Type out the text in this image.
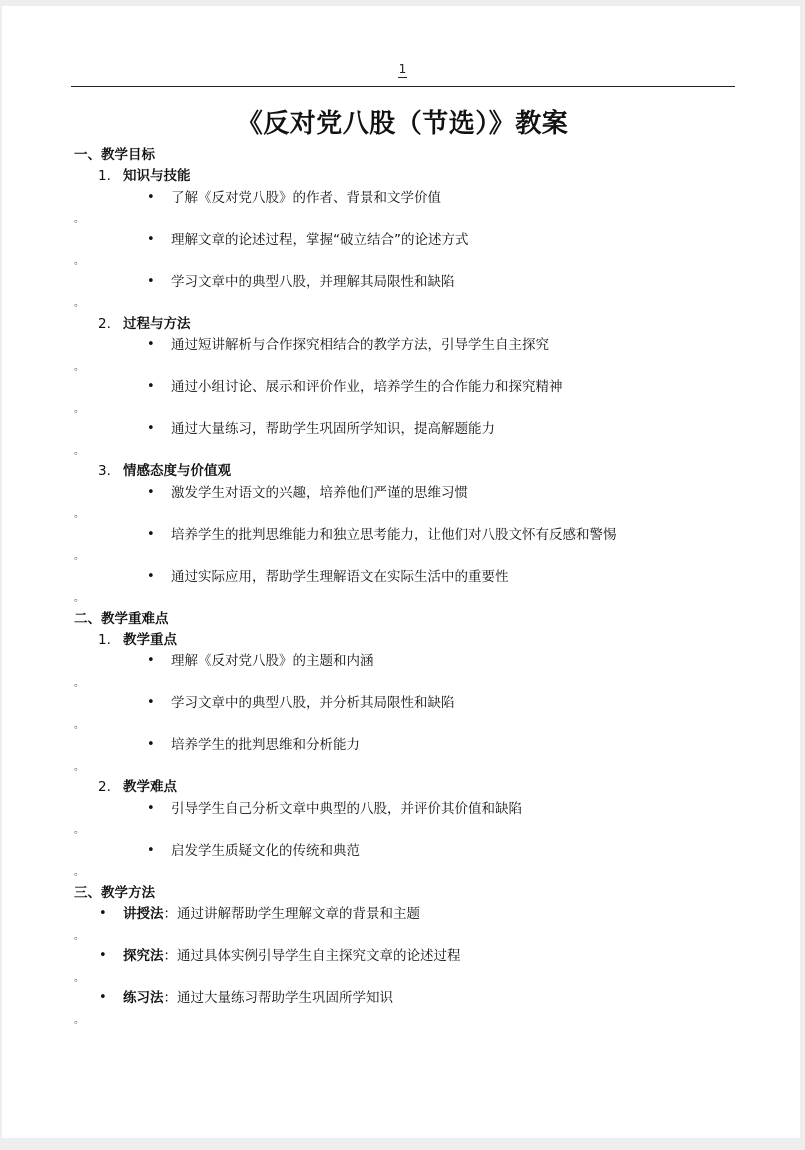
1
《反对党八股（节选）》教案
一、教学目标
1. 知识与技能
• 了解《反对党八股》的作者、背景和文学价值
。
• 理解文章的论述过程，掌握“破立结合”的论述方式
。
• 学习文章中的典型八股，并理解其局限性和缺陷
。
2. 过程与方法
• 通过短讲解析与合作探究相结合的教学方法，引导学生自主探究
。
• 通过小组讨论、展示和评价作业，培养学生的合作能力和探究精神
。
• 通过大量练习，帮助学生巩固所学知识，提高解题能力
。
3. 情感态度与价值观
• 激发学生对语文的兴趣，培养他们严谨的思维习惯
。
• 培养学生的批判思维能力和独立思考能力，让他们对八股文怀有反感和警惕
。
• 通过实际应用，帮助学生理解语文在实际生活中的重要性
。
二、教学重难点
1. 教学重点
• 理解《反对党八股》的主题和内涵
。
• 学习文章中的典型八股，并分析其局限性和缺陷
。
• 培养学生的批判思维和分析能力
。
2. 教学难点
• 引导学生自己分析文章中典型的八股，并评价其价值和缺陷
。
• 启发学生质疑文化的传统和典范
。
三、教学方法
• 讲授法：通过讲解帮助学生理解文章的背景和主题
。
• 探究法：通过具体实例引导学生自主探究文章的论述过程
。
• 练习法：通过大量练习帮助学生巩固所学知识
。
